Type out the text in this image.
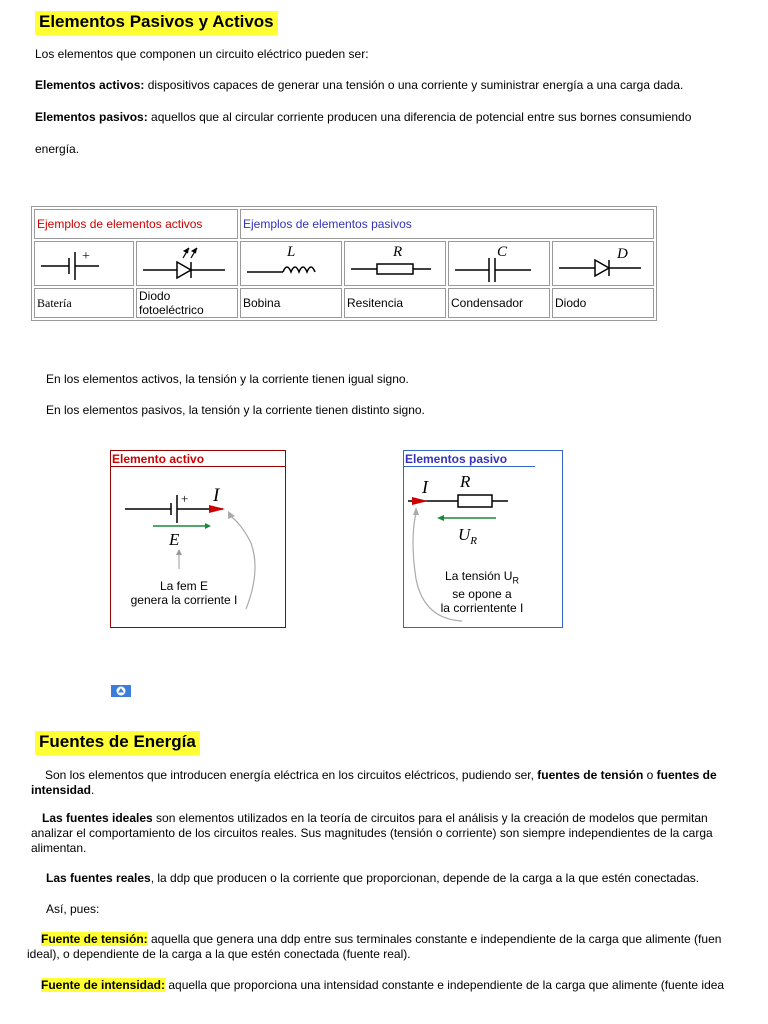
Elementos Pasivos y Activos

Los elementos que componen un circuito eléctrico pueden ser:

Elementos activos: dispositivos capaces de generar una tensión o una corriente y suministrar energía a una carga dada.

Elementos pasivos: aquellos que al circular corriente producen una diferencia de potencial entre sus bornes consumiendo

energía.

Ejemplos de elementos activos		Ejemplos de elementos pasivos			

+		L	R	C	D

Batería	Diodo fotoeléctrico	Bobina	Resitencia	Condensador	Diodo

En los elementos activos, la tensión y la corriente tienen igual signo.

En los elementos pasivos, la tensión y la corriente tienen distinto signo.

Elemento activo
+ I
E
La fem E
genera la corriente I
Elementos pasivo
I R
$U_R$
La tensión $U_R$
se opone a
la corrientente I
Fuentes de Energía

Son los elementos que introducen energía eléctrica en los circuitos eléctricos, pudiendo ser, fuentes de tensión o fuentes de
intensidad.

Las fuentes ideales son elementos utilizados en la teoría de circuitos para el análisis y la creación de modelos que permitan
analizar el comportamiento de los circuitos reales. Sus magnitudes (tensión o corriente) son siempre independientes de la carga
alimentan.

Las fuentes reales, la ddp que producen o la corriente que proporcionan, depende de la carga a la que estén conectadas.

Así, pues:

Fuente de tensión: aquella que genera una ddp entre sus terminales constante e independiente de la carga que alimente (fuen
ideal), o dependiente de la carga a la que estén conectada (fuente real).

Fuente de intensidad: aquella que proporciona una intensidad constante e independiente de la carga que alimente (fuente idea
